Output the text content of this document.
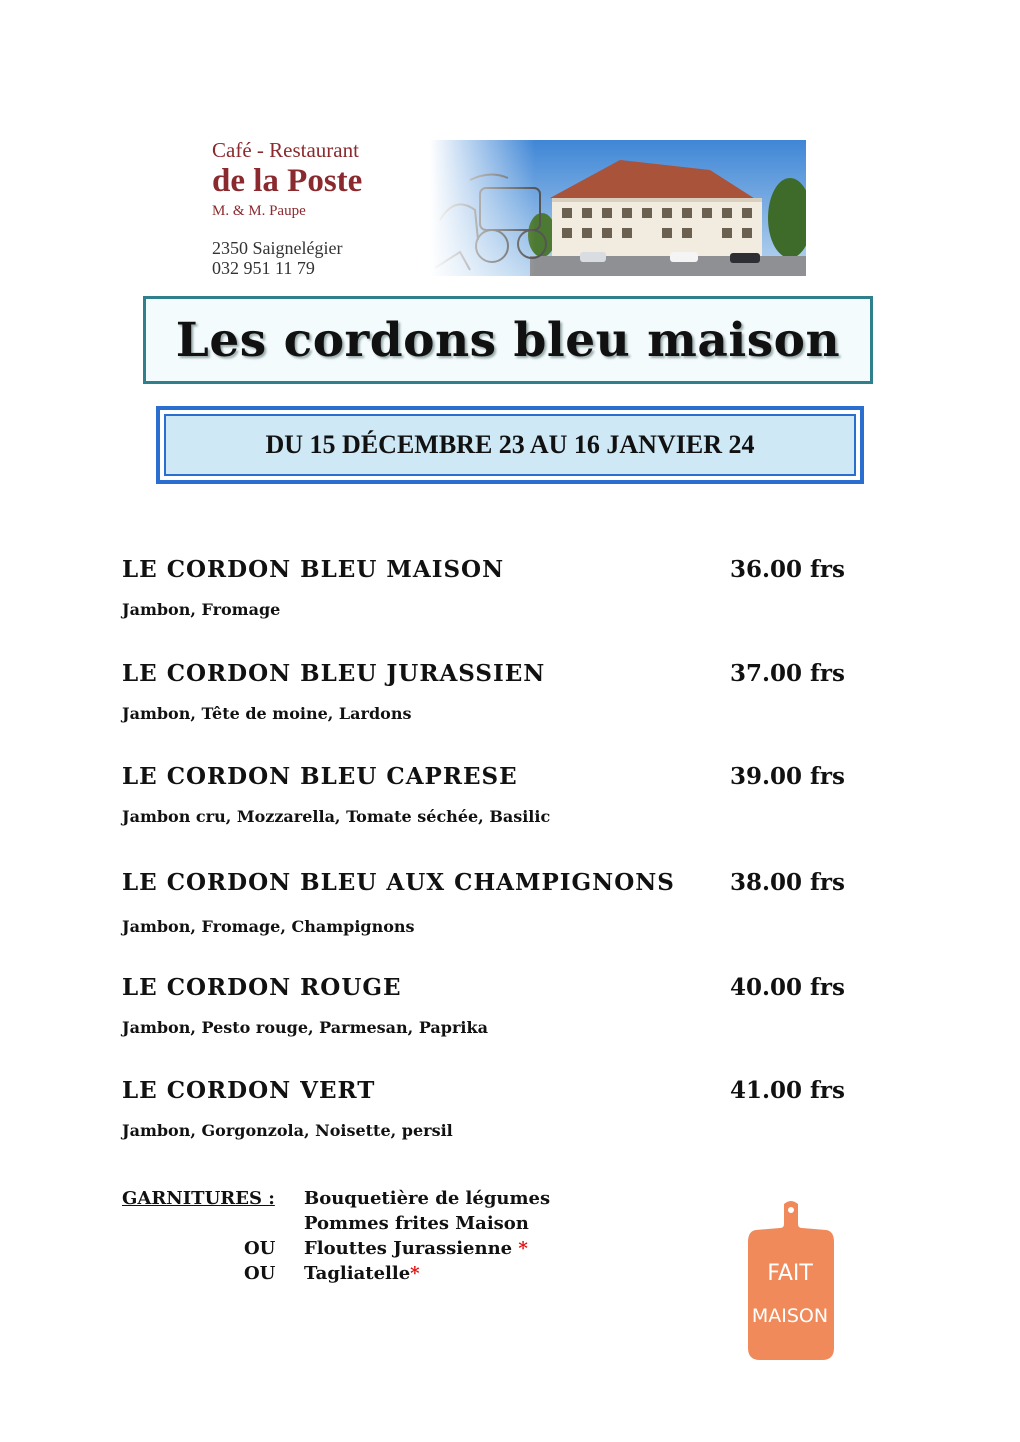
Café - Restaurant
de la Poste
M. & M. Paupe
2350 Saignelégier
032 951 11 79
Les cordons bleu maison
DU 15 DÉCEMBRE 23 AU 16 JANVIER 24
LE CORDON BLEU MAISON	36.00 frs
Jambon, Fromage
LE CORDON BLEU JURASSIEN	37.00 frs
Jambon, Tête de moine, Lardons
LE CORDON BLEU CAPRESE	39.00 frs
Jambon cru, Mozzarella, Tomate séchée, Basilic
LE CORDON BLEU AUX CHAMPIGNONS 38.00 frs
Jambon, Fromage, Champignons
LE CORDON ROUGE	40.00 frs
Jambon, Pesto rouge, Parmesan, Paprika
LE CORDON VERT	41.00 frs
Jambon, Gorgonzola, Noisette, persil
GARNITURES : Bouquetière de légumes
Pommes frites Maison
OU Flouttes Jurassienne *
OU Tagliatelle*	FAIT
MAISON
